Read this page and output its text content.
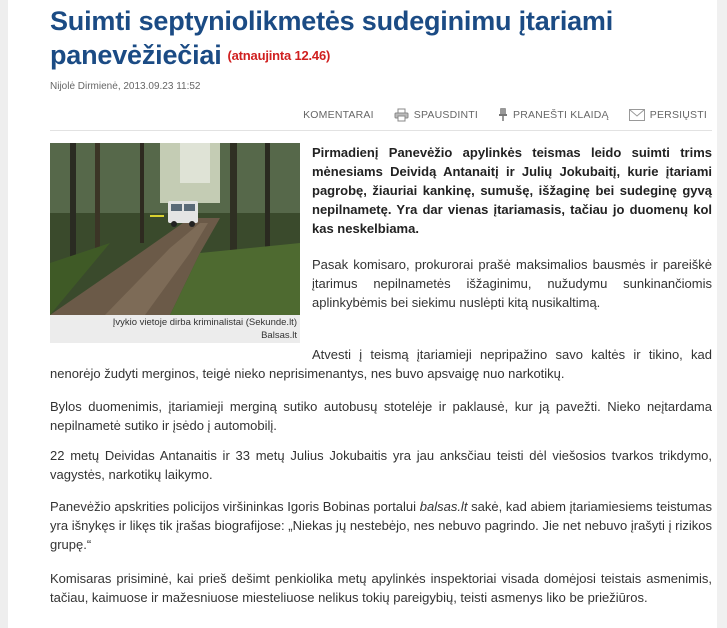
Suimti septyniolikmetės sudeginimu įtariami panevėžiečiai (atnaujinta 12.46)
Nijolė Dirmienė, 2013.09.23 11:52
KOMENTARAI	SPAUSDINTI	PRANEŠTI KLAIDĄ	PERSIŲSTI
Įvykio vietoje dirba kriminalistai (Sekunde.lt)
Balsas.lt
Pirmadienį Panevėžio apylinkės teismas leido suimti trims mėnesiams Deividą Antanaitį ir Julių Jokubaitį, kurie įtariami pagrobę, žiauriai kankinę, sumušę, išžaginę bei sudeginę gyvą nepilnametę. Yra dar vienas įtariamasis, tačiau jo duomenų kol kas neskelbiama.
Pasak komisaro, prokurorai prašė maksimalios bausmės ir pareiškė įtarimus nepilnametės išžaginimu, nužudymu sunkinančiomis aplinkybėmis bei siekimu nuslėpti kitą nusikaltimą.
Atvesti į teismą įtariamieji nepripažino savo kaltės ir tikino, kad nenorėjo žudyti merginos, teigė nieko neprisimenantys, nes buvo apsvaigę nuo narkotikų.
Bylos duomenimis, įtariamieji merginą sutiko autobusų stotelėje ir paklausė, kur ją pavežti. Nieko neįtardama nepilnametė sutiko ir įsėdo į automobilį.
22 metų Deividas Antanaitis ir 33 metų Julius Jokubaitis yra jau anksčiau teisti dėl viešosios tvarkos trikdymo, vagystės, narkotikų laikymo.
Panevėžio apskrities policijos viršininkas Igoris Bobinas portalui balsas.lt sakė, kad abiem įtariamiesiems teistumas yra išnykęs ir likęs tik įrašas biografijose: „Niekas jų nestebėjo, nes nebuvo pagrindo. Jie net nebuvo įrašyti į rizikos grupę.“
Komisaras prisiminė, kai prieš dešimt penkiolika metų apylinkės inspektoriai visada domėjosi teistais asmenimis, tačiau, kaimuose ir mažesniuose miesteliuose nelikus tokių pareigybių, teisti asmenys liko be priežiūros.
